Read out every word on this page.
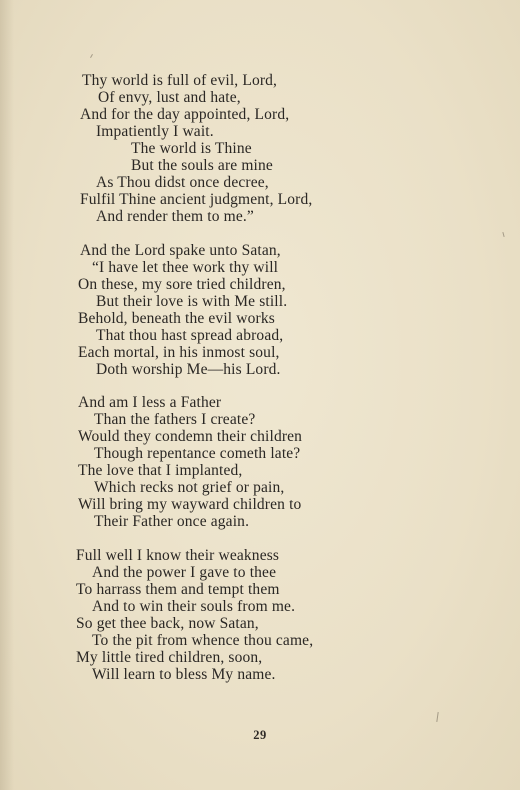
Thy world is full of evil, Lord,
Of envy, lust and hate,
And for the day appointed, Lord,
Impatiently I wait.
The world is Thine
But the souls are mine
As Thou didst once decree,
Fulfil Thine ancient judgment, Lord,
And render them to me.”
And the Lord spake unto Satan,
“I have let thee work thy will
On these, my sore tried children,
But their love is with Me still.
Behold, beneath the evil works
That thou hast spread abroad,
Each mortal, in his inmost soul,
Doth worship Me—his Lord.
And am I less a Father
Than the fathers I create?
Would they condemn their children
Though repentance cometh late?
The love that I implanted,
Which recks not grief or pain,
Will bring my wayward children to
Their Father once again.
Full well I know their weakness
And the power I gave to thee
To harrass them and tempt them
And to win their souls from me.
So get thee back, now Satan,
To the pit from whence thou came,
My little tired children, soon,
Will learn to bless My name.
29
